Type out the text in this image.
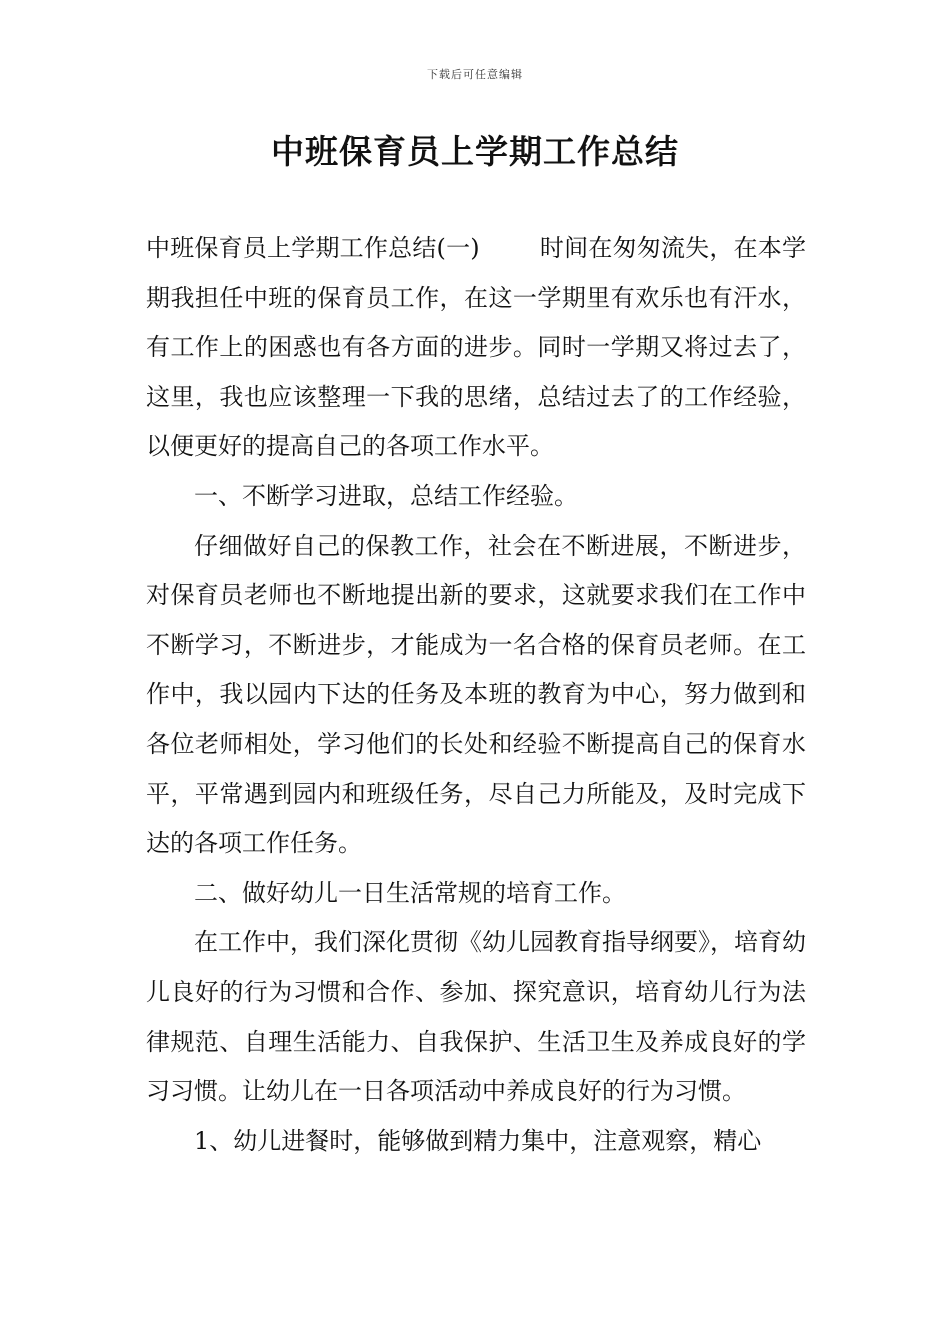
下载后可任意编辑
中班保育员上学期工作总结

中班保育员上学期工作总结(一)	时间在匆匆流失，在本学期我担任中班的保育员工作，在这一学期里有欢乐也有汗水，有工作上的困惑也有各方面的进步。同时一学期又将过去了，这里，我也应该整理一下我的思绪，总结过去了的工作经验，以便更好的提高自己的各项工作水平。

一、不断学习进取，总结工作经验。

仔细做好自己的保教工作，社会在不断进展，不断进步，对保育员老师也不断地提出新的要求，这就要求我们在工作中不断学习，不断进步，才能成为一名合格的保育员老师。在工作中，我以园内下达的任务及本班的教育为中心，努力做到和各位老师相处，学习他们的长处和经验不断提高自己的保育水平，平常遇到园内和班级任务，尽自己力所能及，及时完成下达的各项工作任务。

二、做好幼儿一日生活常规的培育工作。

在工作中，我们深化贯彻《幼儿园教育指导纲要》，培育幼儿良好的行为习惯和合作、参加、探究意识，培育幼儿行为法律规范、自理生活能力、自我保护、生活卫生及养成良好的学习习惯。让幼儿在一日各项活动中养成良好的行为习惯。

1、幼儿进餐时，能够做到精力集中，注意观察，精心
